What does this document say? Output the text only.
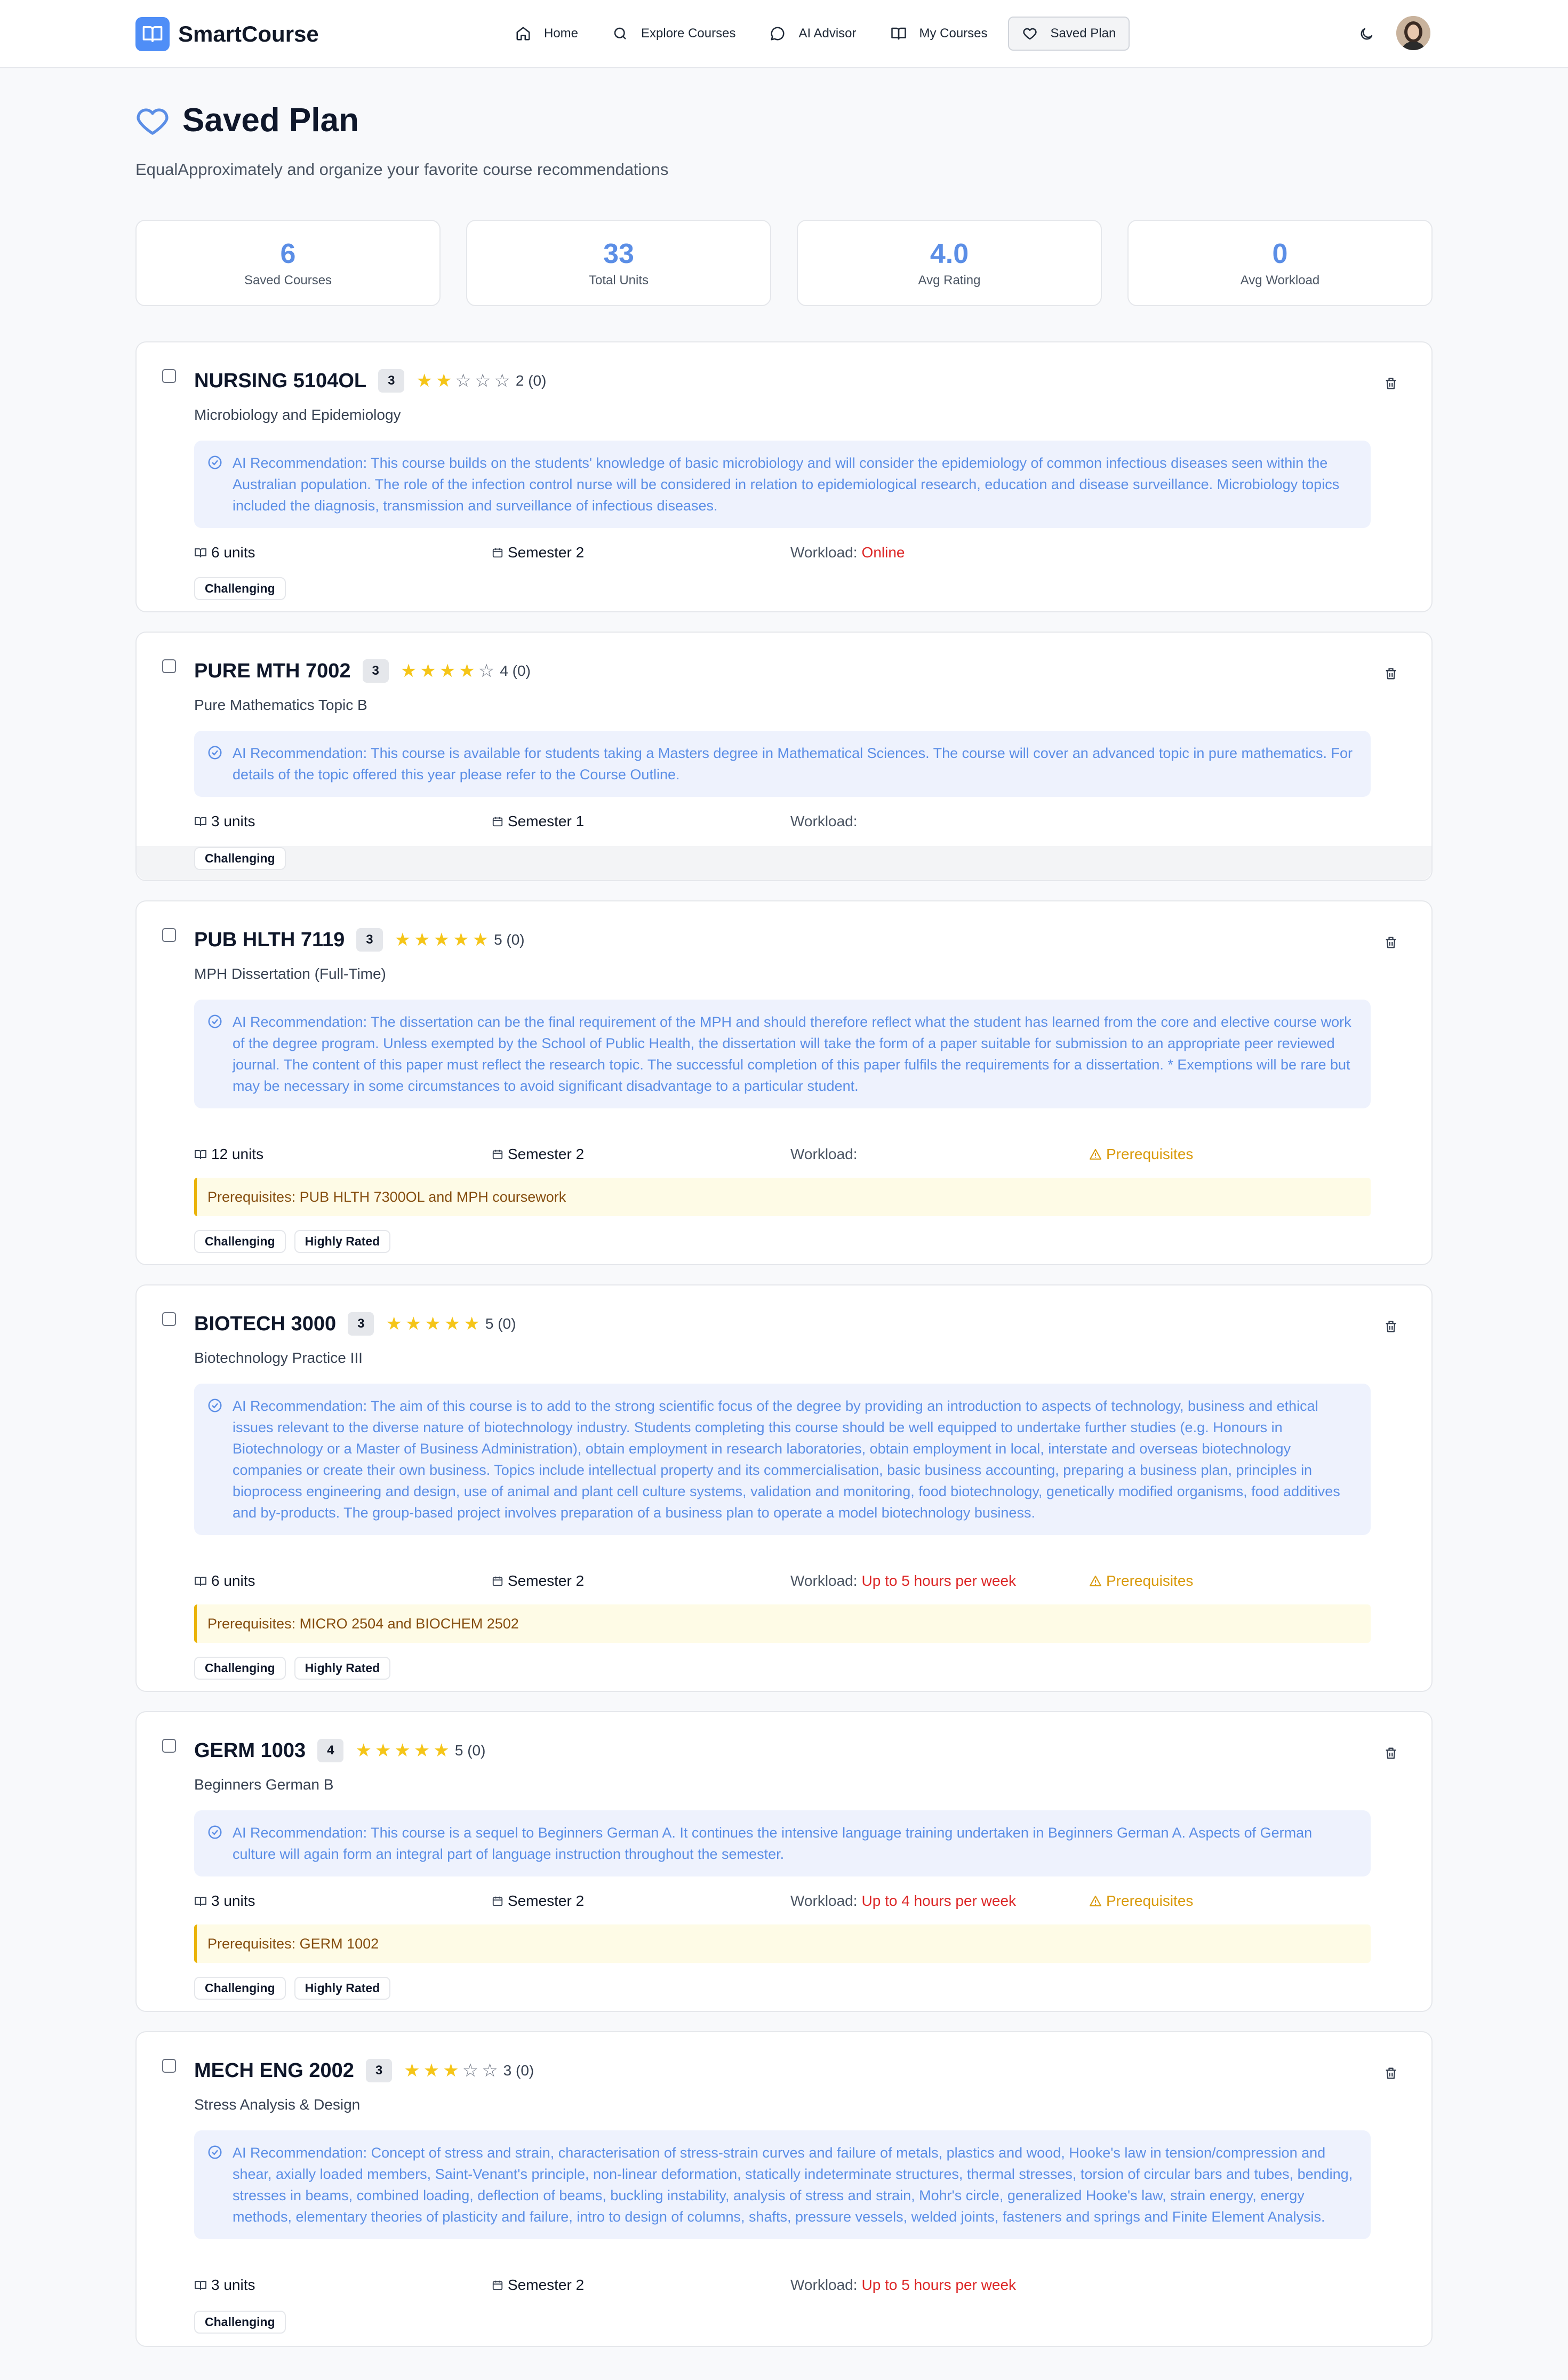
SmartCourse	Home	Explore Courses	AI Advisor	My Courses	Saved Plan
Saved Plan
EqualApproximately and organize your favorite course recommendations
6
Saved Courses
33
Total Units
4.0
Avg Rating
0
Avg Workload
NURSING 5104OL	3	★ ★ ☆ ☆ ☆ 2 (0)
Microbiology and Epidemiology
AI Recommendation: This course builds on the students' knowledge of basic microbiology and will consider the epidemiology of common infectious diseases seen within the Australian population. The role of the infection control nurse will be considered in relation to epidemiological research, education and disease surveillance. Microbiology topics included the diagnosis, transmission and surveillance of infectious diseases.
6 units	Semester 2	Workload: Online
Challenging
PURE MTH 7002	3	★ ★ ★ ★ ☆ 4 (0)
Pure Mathematics Topic B
AI Recommendation: This course is available for students taking a Masters degree in Mathematical Sciences. The course will cover an advanced topic in pure mathematics. For details of the topic offered this year please refer to the Course Outline.
3 units	Semester 1	Workload:
Challenging
PUB HLTH 7119	3	★ ★ ★ ★ ★ 5 (0)
MPH Dissertation (Full-Time)
AI Recommendation: The dissertation can be the final requirement of the MPH and should therefore reflect what the student has learned from the core and elective course work of the degree program. Unless exempted by the School of Public Health, the dissertation will take the form of a paper suitable for submission to an appropriate peer reviewed journal. The content of this paper must reflect the research topic. The successful completion of this paper fulfils the requirements for a dissertation. * Exemptions will be rare but may be necessary in some circumstances to avoid significant disadvantage to a particular student.
12 units	Semester 2	Workload:	Prerequisites
Prerequisites:
PUB HLTH 7300OL and MPH coursework
Challenging	Highly Rated
BIOTECH 3000	3	★ ★ ★ ★ ★ 5 (0)
Biotechnology Practice III
AI Recommendation: The aim of this course is to add to the strong scientific focus of the degree by providing an introduction to aspects of technology, business and ethical issues relevant to the diverse nature of biotechnology industry. Students completing this course should be well equipped to undertake further studies (e.g. Honours in Biotechnology or a Master of Business Administration), obtain employment in research laboratories, obtain employment in local, interstate and overseas biotechnology companies or create their own business. Topics include intellectual property and its commercialisation, basic business accounting, preparing a business plan, principles in bioprocess engineering and design, use of animal and plant cell culture systems, validation and monitoring, food biotechnology, genetically modified organisms, food additives and by-products. The group-based project involves preparation of a business plan to operate a model biotechnology business.
6 units	Semester 2	Workload: Up to 5 hours per week	Prerequisites
Prerequisites:
MICRO 2504 and BIOCHEM 2502
Challenging	Highly Rated
GERM 1003	4	★ ★ ★ ★ ★ 5 (0)
Beginners German B
AI Recommendation: This course is a sequel to Beginners German A. It continues the intensive language training undertaken in Beginners German A. Aspects of German culture will again form an integral part of language instruction throughout the semester.
3 units	Semester 2	Workload: Up to 4 hours per week	Prerequisites
Prerequisites:
GERM 1002
Challenging	Highly Rated
MECH ENG 2002	3	★ ★ ★ ☆ ☆ 3 (0)
Stress Analysis & Design
AI Recommendation: Concept of stress and strain, characterisation of stress-strain curves and failure of metals, plastics and wood, Hooke's law in tension/compression and shear, axially loaded members, Saint-Venant's principle, non-linear deformation, statically indeterminate structures, thermal stresses, torsion of circular bars and tubes, bending, stresses in beams, combined loading, deflection of beams, buckling instability, analysis of stress and strain, Mohr's circle, generalized Hooke's law, strain energy, energy methods, elementary theories of plasticity and failure, intro to design of columns, shafts, pressure vessels, welded joints, fasteners and springs and Finite Element Analysis.
3 units	Semester 2	Workload: Up to 5 hours per week
Challenging
